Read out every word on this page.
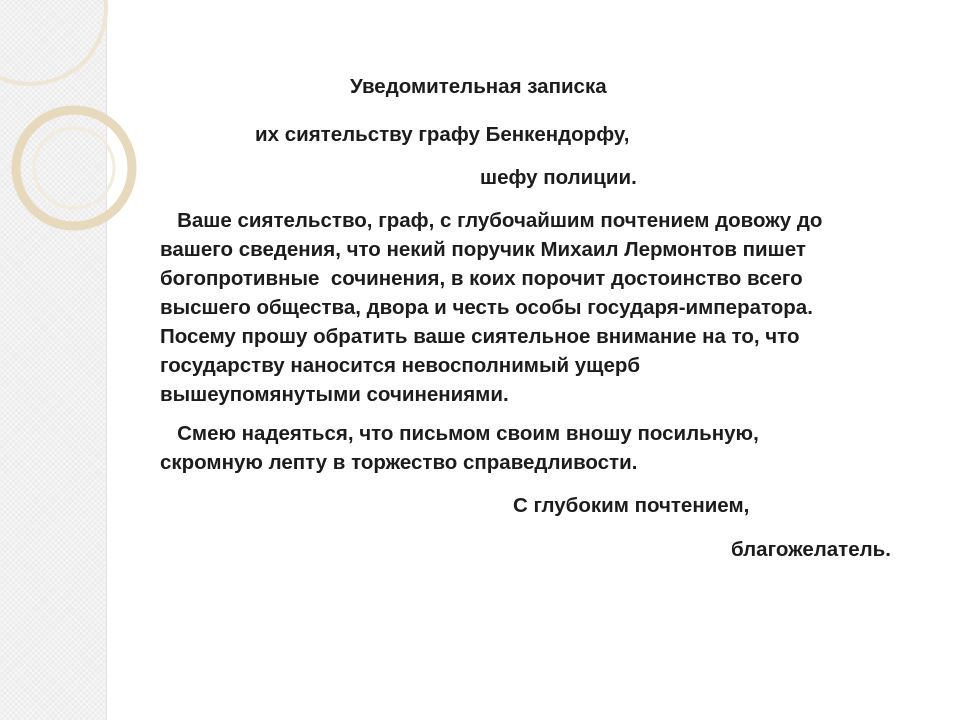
Уведомительная записка
их сиятельству графу Бенкендорфу,
шефу полиции.
Ваше сиятельство, граф, с глубочайшим почтением довожу до
вашего сведения, что некий поручик Михаил Лермонтов пишет
богопротивные  сочинения, в коих порочит достоинство всего
высшего общества, двора и честь особы государя-императора.
Посему прошу обратить ваше сиятельное внимание на то, что
государству наносится невосполнимый ущерб
вышеупомянутыми сочинениями.
Смею надеяться, что письмом своим вношу посильную,
скромную лепту в торжество справедливости.
С глубоким почтением,
благожелатель.
